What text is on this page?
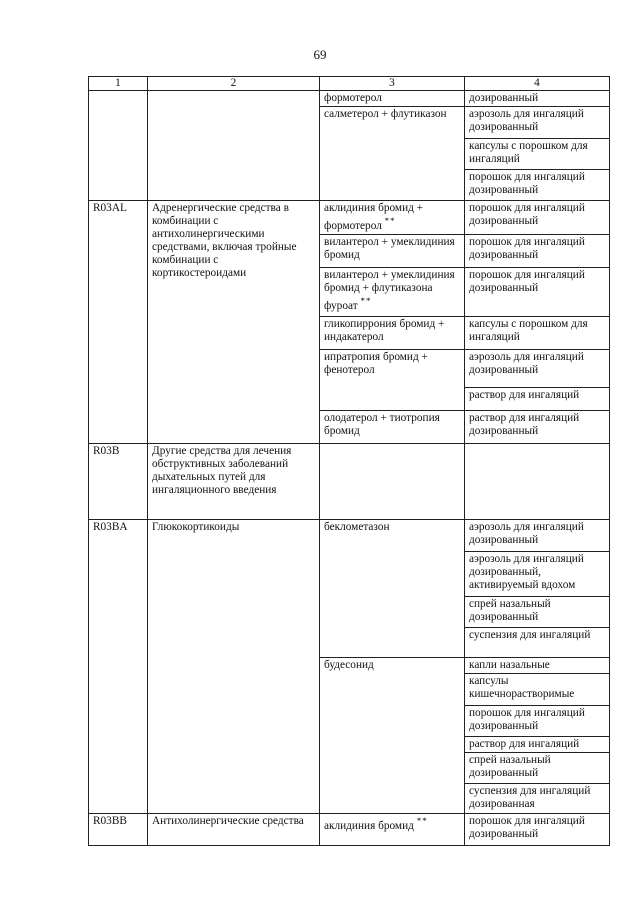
69
1	2	3	4
		формотерол	дозированный
		салметерол + флутиказон	аэрозоль для ингаляций дозированный
			капсулы с порошком для ингаляций
			порошок для ингаляций дозированный
R03AL	Адренергические средства в комбинации с антихолинергическими средствами, включая тройные комбинации с кортикостероидами	аклидиния бромид + формотерол **	порошок для ингаляций дозированный
		вилантерол + умеклидиния бромид	порошок для ингаляций дозированный
		вилантерол + умеклидиния бромид + флутиказона фуроат **	порошок для ингаляций дозированный
		гликопиррония бромид + индакатерол	капсулы с порошком для ингаляций
		ипратропия бромид + фенотерол	аэрозоль для ингаляций дозированный
			раствор для ингаляций
		олодатерол + тиотропия бромид	раствор для ингаляций дозированный
R03B	Другие средства для лечения обструктивных заболеваний дыхательных путей для ингаляционного введения		
R03BA	Глюкокортикоиды	беклометазон	аэрозоль для ингаляций дозированный
			аэрозоль для ингаляций дозированный, активируемый вдохом
			спрей назальный дозированный
			суспензия для ингаляций
		будесонид	капли назальные
			капсулы кишечнорастворимые
			порошок для ингаляций дозированный
			раствор для ингаляций
			спрей назальный дозированный
			суспензия для ингаляций дозированная
R03BB	Антихолинергические средства	аклидиния бромид **	порошок для ингаляций дозированный
